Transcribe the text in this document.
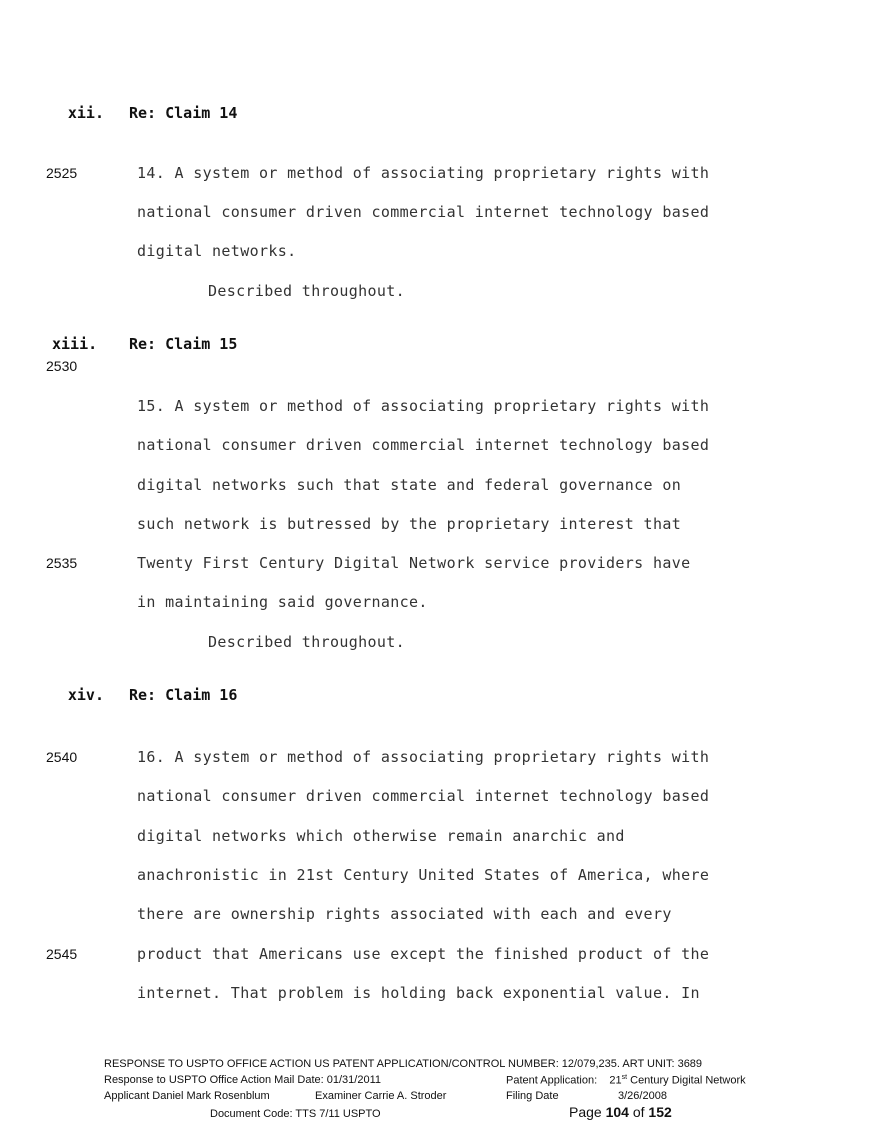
xii. Re: Claim 14
2525	14. A system or method of associating proprietary rights with
national consumer driven commercial internet technology based
digital networks.
Described throughout.
xiii. Re: Claim 15
2530
15. A system or method of associating proprietary rights with
national consumer driven commercial internet technology based
digital networks such that state and federal governance on
such network is butressed by the proprietary interest that
2535	Twenty First Century Digital Network service providers have
in maintaining said governance.
Described throughout.
xiv. Re: Claim 16
2540	16. A system or method of associating proprietary rights with
national consumer driven commercial internet technology based
digital networks which otherwise remain anarchic and
anachronistic in 21st Century United States of America, where
there are ownership rights associated with each and every
2545	product that Americans use except the finished product of the
internet. That problem is holding back exponential value. In
RESPONSE TO USPTO OFFICE ACTION US PATENT APPLICATION/CONTROL NUMBER: 12/079,235. ART UNIT: 3689
Response to USPTO Office Action Mail Date: 01/31/2011	Patent Application: 21st Century Digital Network
Applicant Daniel Mark Rosenblum	Examiner Carrie A. Stroder	Filing Date	3/26/2008
Document Code: TTS 7/11 USPTO	Page 104 of 152
